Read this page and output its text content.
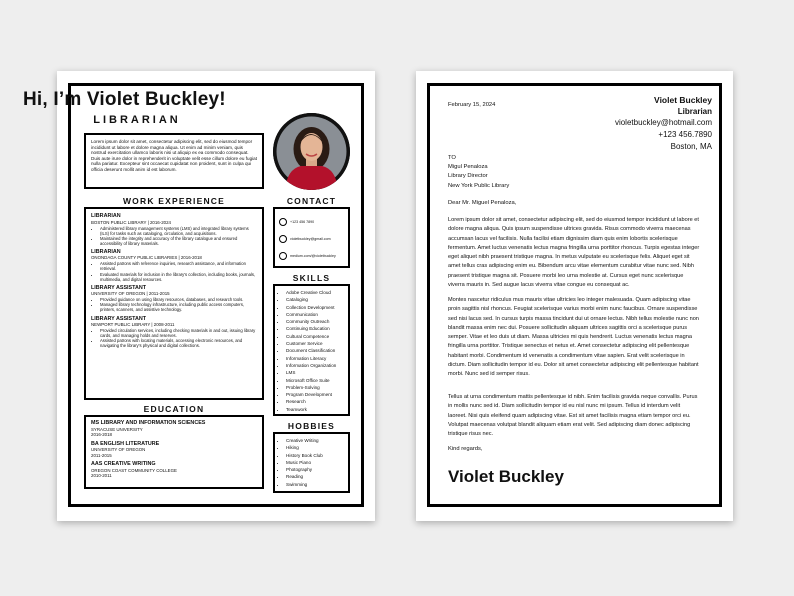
Hi, I’m Violet Buckley!
LIBRARIAN
Lorem ipsum dolor sit amet, consectetur adipiscing elit, sed do eiusmod tempor incididunt ut labore et dolore magna aliqua. Ut enim ad minim veniam, quis nostrud exercitation ullamco laboris nisi ut aliquip ex ea commodo consequat. Duis aute irure dolor in reprehenderit in voluptate velit esse cillum dolore eu fugiat nulla pariatur. Excepteur sint occaecat cupidatat non proident, sunt in culpa qui officia deserunt mollit anim id est laborum.
WORK EXPERIENCE
LIBRARIAN
BOSTON PUBLIC LIBRARY | 2016-2024
• Administered library management systems (LMS) and integrated library systems (ILS) for tasks such as cataloging, circulation, and acquisitions.
• Maintained the integrity and accuracy of the library catalogue and ensured accessibility of library materials.
LIBRARIAN
ONONDAGA COUNTY PUBLIC LIBRARIES | 2016-2018
• Assisted patrons with reference inquiries, research assistance, and information retrieval.
• Evaluated materials for inclusion in the library's collection, including books, journals, multimedia, and digital resources.
LIBRARY ASSISTANT
UNIVERSITY OF OREGON | 2011-2015
• Provided guidance on using library resources, databases, and research tools.
• Managed library technology infrastructure, including public access computers, printers, scanners, and assistive technology.
LIBRARY ASSISTANT
NEWPORT PUBLIC LIBRARY | 2008-2011
• Provided circulation services, including checking materials in and out, issuing library cards, and managing holds and reserves.
• Assisted patrons with locating materials, accessing electronic resources, and navigating the library's physical and digital collections.
CONTACT
+123 456 7890
violetbuckley@gmail.com
medium.com/@violetbuckley
SKILLS
• Adobe Creative Cloud
• Cataloging
• Collection Development
• Communication
• Community Outreach
• Continuing Education
• Cultural Competence
• Customer Service
• Document Classification
• Information Literacy
• Information Organization
• LMS
• Microsoft Office Suite
• Problem-Solving
• Program Development
• Research
• Teamwork
EDUCATION
MS LIBRARY AND INFORMATION SCIENCES
SYRACUSE UNIVERSITY
2016-2018
BA ENGLISH LITERATURE
UNIVERSITY OF OREGON
2011-2015
AAS CREATIVE WRITING
OREGON COAST COMMUNITY COLLEGE
2010-2011
HOBBIES
• Creative Writing
• Hiking
• History Book Club
• Music Piano
• Photography
• Reading
• Swimming
February 15, 2024	Violet Buckley
Librarian
violetbuckley@hotmail.com
+123 456.7890
Boston, MA
TO
Migul Penaloza
Library Director
New York Public Library
Dear Mr. Miguel Penaloza,
Lorem ipsum dolor sit amet, consectetur adipiscing elit, sed do eiusmod tempor incididunt ut labore et dolore magna aliqua. Quis ipsum suspendisse ultrices gravida. Risus commodo viverra maecenas accumsan lacus vel facilisis. Nulla facilisi etiam dignissim diam quis enim lobortis scelerisque fermentum. Amet luctus venenatis lectus magna fringilla urna porttitor rhoncus. Turpis egestas integer eget aliquet nibh praesent tristique magna. In metus vulputate eu scelerisque felis. Aliquet eget sit amet tellus cras adipiscing enim eu. Bibendum arcu vitae elementum curabitur vitae nunc sed. Nibh praesent tristique magna sit. Posuere morbi leo urna molestie at. Cursus eget nunc scelerisque viverra mauris in. Sed augue lacus viverra vitae congue eu consequat ac.
Montes nascetur ridiculus mus mauris vitae ultricies leo integer malesuada. Quam adipiscing vitae proin sagittis nisl rhoncus. Feugiat scelerisque varius morbi enim nunc faucibus. Ornare suspendisse sed nisi lacus sed. In cursus turpis massa tincidunt dui ut ornare lectus. Nibh tellus molestie nunc non blandit massa enim nec dui. Posuere sollicitudin aliquam ultrices sagittis orci a scelerisque purus semper. Vitae et leo duis ut diam. Massa ultricies mi quis hendrerit. Luctus venenatis lectus magna fringilla urna porttitor. Tristique senectus et netus et. Amet consectetur adipiscing elit pellentesque habitant morbi. Condimentum id venenatis a condimentum vitae sapien. Erat velit scelerisque in dictum. Diam sollicitudin tempor id eu. Dolor sit amet consectetur adipiscing elit pellentesque habitant morbi. Nunc sed id semper risus.
Tellus at urna condimentum mattis pellentesque id nibh. Enim facilisis gravida neque convallis. Purus in mollis nunc sed id. Diam sollicitudin tempor id eu nisl nunc mi ipsum. Tellus id interdum velit laoreet. Nisi quis eleifend quam adipiscing vitae. Est sit amet facilisis magna etiam tempor orci eu. Volutpat maecenas volutpat blandit aliquam etiam erat velit. Sed adipiscing diam donec adipiscing tristique risus nec.
Kind regards,
Violet Buckley
